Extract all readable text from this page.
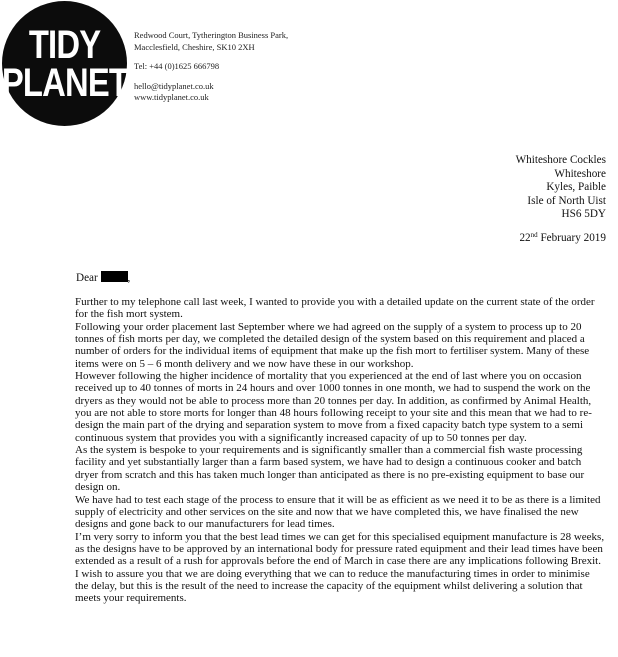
TIDY
PLANET
Redwood Court, Tytherington Business Park,
Macclesfield, Cheshire, SK10 2XH
Tel: +44 (0)1625 666798
hello@tidyplanet.co.uk
www.tidyplanet.co.uk
Whiteshore Cockles
Whiteshore
Kyles, Paible
Isle of North Uist
HS6 5DY
22nd February 2019
Dear	,

Further to my telephone call last week, I wanted to provide you with a detailed update on the current state of the order for the fish mort system.

Following your order placement last September where we had agreed on the supply of a system to process up to 20 tonnes of fish morts per day, we completed the detailed design of the system based on this requirement and placed a number of orders for the individual items of equipment that make up the fish mort to fertiliser system. Many of these items were on 5 – 6 month delivery and we now have these in our workshop.

However following the higher incidence of mortality that you experienced at the end of last where you on occasion received up to 40 tonnes of morts in 24 hours and over 1000 tonnes in one month, we had to suspend the work on the dryers as they would not be able to process more than 20 tonnes per day. In addition, as confirmed by Animal Health, you are not able to store morts for longer than 48 hours following receipt to your site and this mean that we had to re-design the main part of the drying and separation system to move from a fixed capacity batch type system to a semi continuous system that provides you with a significantly increased capacity of up to 50 tonnes per day.

As the system is bespoke to your requirements and is significantly smaller than a commercial fish waste processing facility and yet substantially larger than a farm based system, we have had to design a continuous cooker and batch dryer from scratch and this has taken much longer than anticipated as there is no pre-existing equipment to base our design on.

We have had to test each stage of the process to ensure that it will be as efficient as we need it to be as there is a limited supply of electricity and other services on the site and now that we have completed this, we have finalised the new designs and gone back to our manufacturers for lead times.

I’m very sorry to inform you that the best lead times we can get for this specialised equipment manufacture is 28 weeks, as the designs have to be approved by an international body for pressure rated equipment and their lead times have been extended as a result of a rush for approvals before the end of March in case there are any implications following Brexit.

I wish to assure you that we are doing everything that we can to reduce the manufacturing times in order to minimise the delay, but this is the result of the need to increase the capacity of the equipment whilst delivering a solution that meets your requirements.
